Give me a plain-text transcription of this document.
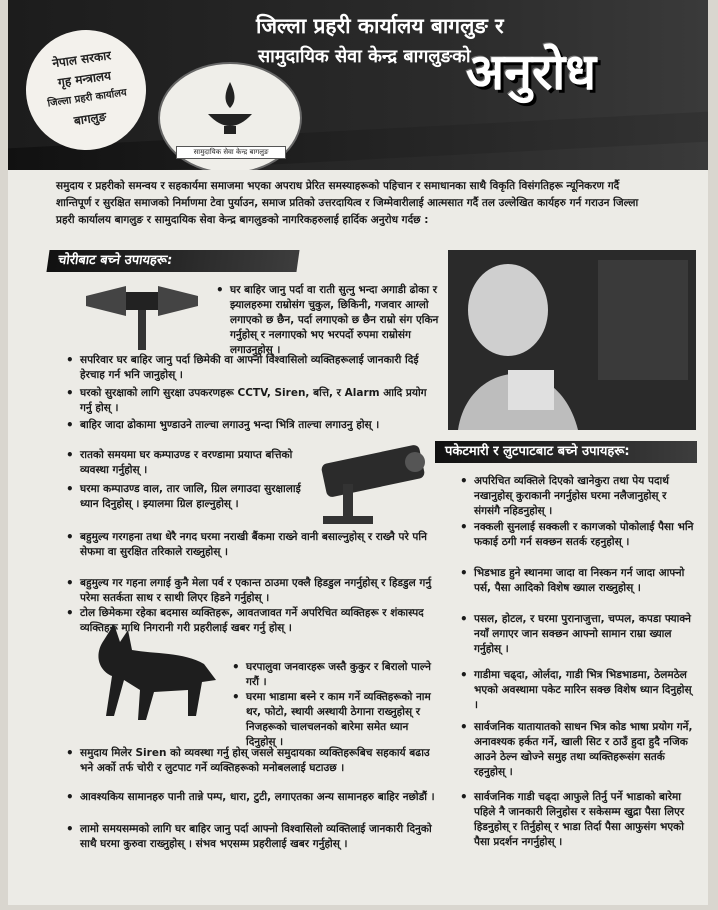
जिल्ला प्रहरी कार्यालय बागलुङ र
सामुदायिक सेवा केन्द्र बागलुङको
अनुरोध
नेपाल सरकार
गृह मन्त्रालय
जिल्ला प्रहरी कार्यालय
बागलुङ
सामुदायिक सेवा केन्द्र बागलुङ
समुदाय र प्रहरीको समन्वय र सहकार्यमा समाजमा भएका अपराध प्रेरित समस्याहरूको पहिचान र समाधानका साथै विकृति विसंगतिहरू न्यूनिकरण गर्दै शान्तिपूर्ण र सुरक्षित समाजको निर्माणमा टेवा पुर्याउन, समाज प्रतिको उत्तरदायित्व र जिम्मेवारीलाई आत्मसात गर्दै तल उल्लेखित कार्यहरु गर्न गराउन जिल्ला प्रहरी कार्यालय बागलुङ र सामुदायिक सेवा केन्द्र बागलुङको नागरिकहरुलाई हार्दिक अनुरोध गर्दछ :
चोरीबाट बच्ने उपायहरू:
• घर बाहिर जानु पर्दा वा राती सुत्नु भन्दा अगाडी ढोका र झ्यालहरुमा राम्रोसंग चुकुल, छिकिनी, गजवार आग्लो लगाएको छ छैन, पर्दा लगाएको छ छैन राम्रो संग एकिन गर्नुहोस् र नलगाएको भए भरपर्दो रुपमा राम्रोसंग लगाउनुहोस् ।
• सपरिवार घर बाहिर जानु पर्दा छिमेकी वा आफ्नो विश्वासिलो व्यक्तिहरूलाई जानकारी दिई हेरचाह गर्न भनि जानुहोस् ।
• घरको सुरक्षाको लागि सुरक्षा उपकरणहरू CCTV, Siren, बत्ति, र Alarm आदि प्रयोग गर्नु होस् ।
• बाहिर जादा ढोकामा भुण्डाउने ताल्चा लगाउनु भन्दा भित्रि ताल्चा लगाउनु होस् ।
• रातको समयमा घर कम्पाउण्ड र वरण्डामा प्रयाप्त बत्तिको व्यवस्था गर्नुहोस् ।
• घरमा कम्पाउण्ड वाल, तार जालि, ग्रिल लगाउदा सुरक्षालाई ध्यान दिनुहोस् । झ्यालमा ग्रिल हाल्नुहोस् ।
• बहुमुल्य गरगहना तथा धेरै नगद घरमा नराखी बैंकमा राख्ने वानी बसाल्नुहोस् र राख्नै परे पनि सेफमा वा सुरक्षित तरिकाले राख्नुहोस् ।
• बहुमुल्य गर गहना लगाई कुनै मेला पर्व र एकान्त ठाउमा एक्लै हिडडुल नगर्नुहोस् र हिडडुल गर्नु परेमा सतर्कता साथ र साथी लिएर हिडने गर्नुहोस् ।
• टोल छिमेकमा रहेका बदमास व्यक्तिहरू, आवतजावत गर्ने अपरिचित व्यक्तिहरू र शंकास्पद व्यक्तिहरू माथि निगरानी गरी प्रहरीलाई खबर गर्नु होस् ।
• घरपालुवा जनवारहरू जस्तै कुकुर र बिरालो पाल्ने गरौं ।
• घरमा भाडामा बस्ने र काम गर्ने व्यक्तिहरूको नाम थर, फोटो, स्थायी अस्थायी ठेगाना राख्नुहोस् र निजहरूको चालचलनको बारेमा समेत ध्यान दिनुहोस् ।
• समुदाय मिलेर Siren को व्यवस्था गर्नु होस् जसले समुदायका व्यक्तिहरूबिच सहकार्य बढाउ भने अर्को तर्फ चोरी र लुटपाट गर्ने व्यक्तिहरूको मनोबललाई घटाउछ ।
• आवश्यकिय सामानहरु पानी तान्ने पम्प, धारा, टुटी, लगाएतका अन्य सामानहरु बाहिर नछोडौं ।
• लामो समयसम्मको लागि घर बाहिर जानु पर्दा आफ्नो विश्वासिलो व्यक्तिलाई जानकारी दिनुको साथै घरमा कुरुवा राख्नुहोस् । संभव भएसम्म प्रहरीलाई खबर गर्नुहोस् ।
पकेटमारी र लुटपाटबाट बच्ने उपायहरू:
• अपरिचित व्यक्तिले दिएको खानेकुरा तथा पेय पदार्थ नखानुहोस् कुराकानी नगर्नुहोस घरमा नलैजानुहोस् र संगसंगै नहिडनुहोस् ।
• नक्कली सुनलाई सक्कली र कागजको पोकोलाई पैसा भनि फकाई ठगी गर्न सक्छन सतर्क रहनुहोस् ।
• भिडभाड हुने स्थानमा जादा वा निस्कन गर्न जादा आफ्नो पर्स, पैसा आदिको विशेष ख्याल राख्नुहोस् ।
• पसल, होटल, र घरमा पुरानाजुत्ता, चप्पल, कपडा फ्याक्ने नयाँ लगाएर जान सक्छन आफ्नो सामान राम्रा ख्याल गर्नुहोस् ।
• गाडीमा चढ्दा, ओर्लदा, गाडी भित्र भिडभाडमा, ठेलमठेल भएको अवस्थामा पकेट मारिन सक्छ विशेष ध्यान दिनुहोस् ।
• सार्वजनिक यातायातको साधन भित्र कोड भाषा प्रयोग गर्ने, अनावश्यक हर्कत गर्ने, खाली सिट र ठाउँ हुदा हुदै नजिक आउने ठेल्न खोज्ने समुह तथा व्यक्तिहरूसंग सतर्क रहनुहोस् ।
• सार्वजनिक गाडी चढ्दा आफुले तिर्नु पर्ने भाडाको बारेमा पहिले नै जानकारी लिनुहोस र सकेसम्म खुद्रा पैसा लिएर हिडनुहोस् र तिर्नुहोस् र भाडा तिर्दा पैसा आफुसंग भएको पैसा प्रदर्शन नगर्नुहोस् ।
